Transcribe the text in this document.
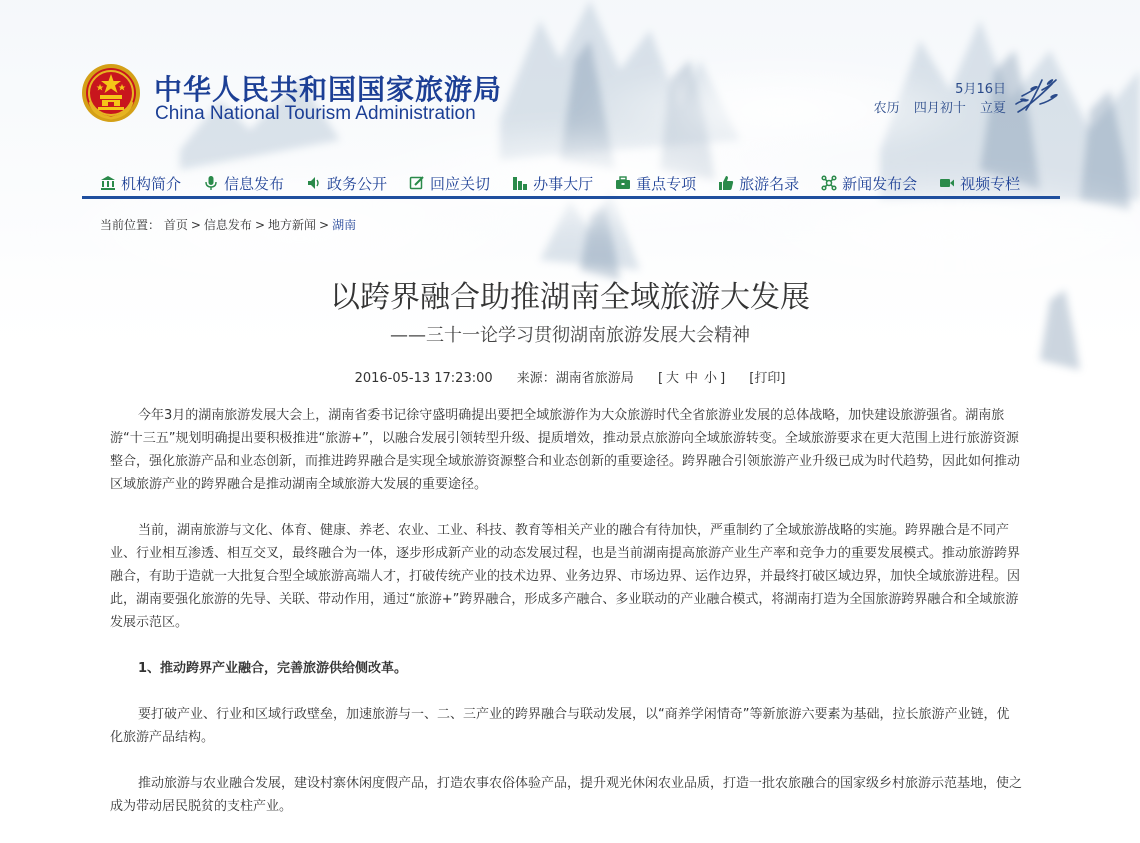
中华人民共和国国家旅游局
China National Tourism Administration
5月16日
农历 四月初十 立夏
机构简介	信息发布	政务公开	回应关切	办事大厅	重点专项	旅游名录	新闻发布会	视频专栏
当前位置： 首页 > 信息发布 > 地方新闻 > 湖南
以跨界融合助推湖南全域旅游大发展
——三十一论学习贯彻湖南旅游发展大会精神
2016-05-13 17:23:00 来源：湖南省旅游局 [ 大 中 小 ] [打印]

今年3月的湖南旅游发展大会上，湖南省委书记徐守盛明确提出要把全域旅游作为大众旅游时代全省旅游业发展的总体战略，加快建设旅游强省。湖南旅游“十三五”规划明确提出要积极推进“旅游+”，以融合发展引领转型升级、提质增效，推动景点旅游向全域旅游转变。全域旅游要求在更大范围上进行旅游资源整合，强化旅游产品和业态创新，而推进跨界融合是实现全域旅游资源整合和业态创新的重要途径。跨界融合引领旅游产业升级已成为时代趋势，因此如何推动区域旅游产业的跨界融合是推动湖南全域旅游大发展的重要途径。

当前，湖南旅游与文化、体育、健康、养老、农业、工业、科技、教育等相关产业的融合有待加快，严重制约了全域旅游战略的实施。跨界融合是不同产业、行业相互渗透、相互交叉，最终融合为一体，逐步形成新产业的动态发展过程，也是当前湖南提高旅游产业生产率和竞争力的重要发展模式。推动旅游跨界融合，有助于造就一大批复合型全域旅游高端人才，打破传统产业的技术边界、业务边界、市场边界、运作边界，并最终打破区域边界，加快全域旅游进程。因此，湖南要强化旅游的先导、关联、带动作用，通过“旅游+”跨界融合，形成多产融合、多业联动的产业融合模式，将湖南打造为全国旅游跨界融合和全域旅游发展示范区。

1、推动跨界产业融合，完善旅游供给侧改革。

要打破产业、行业和区域行政壁垒，加速旅游与一、二、三产业的跨界融合与联动发展，以“商养学闲情奇”等新旅游六要素为基础，拉长旅游产业链，优化旅游产品结构。

推动旅游与农业融合发展，建设村寨休闲度假产品，打造农事农俗体验产品，提升观光休闲农业品质，打造一批农旅融合的国家级乡村旅游示范基地，使之成为带动居民脱贫的支柱产业。
